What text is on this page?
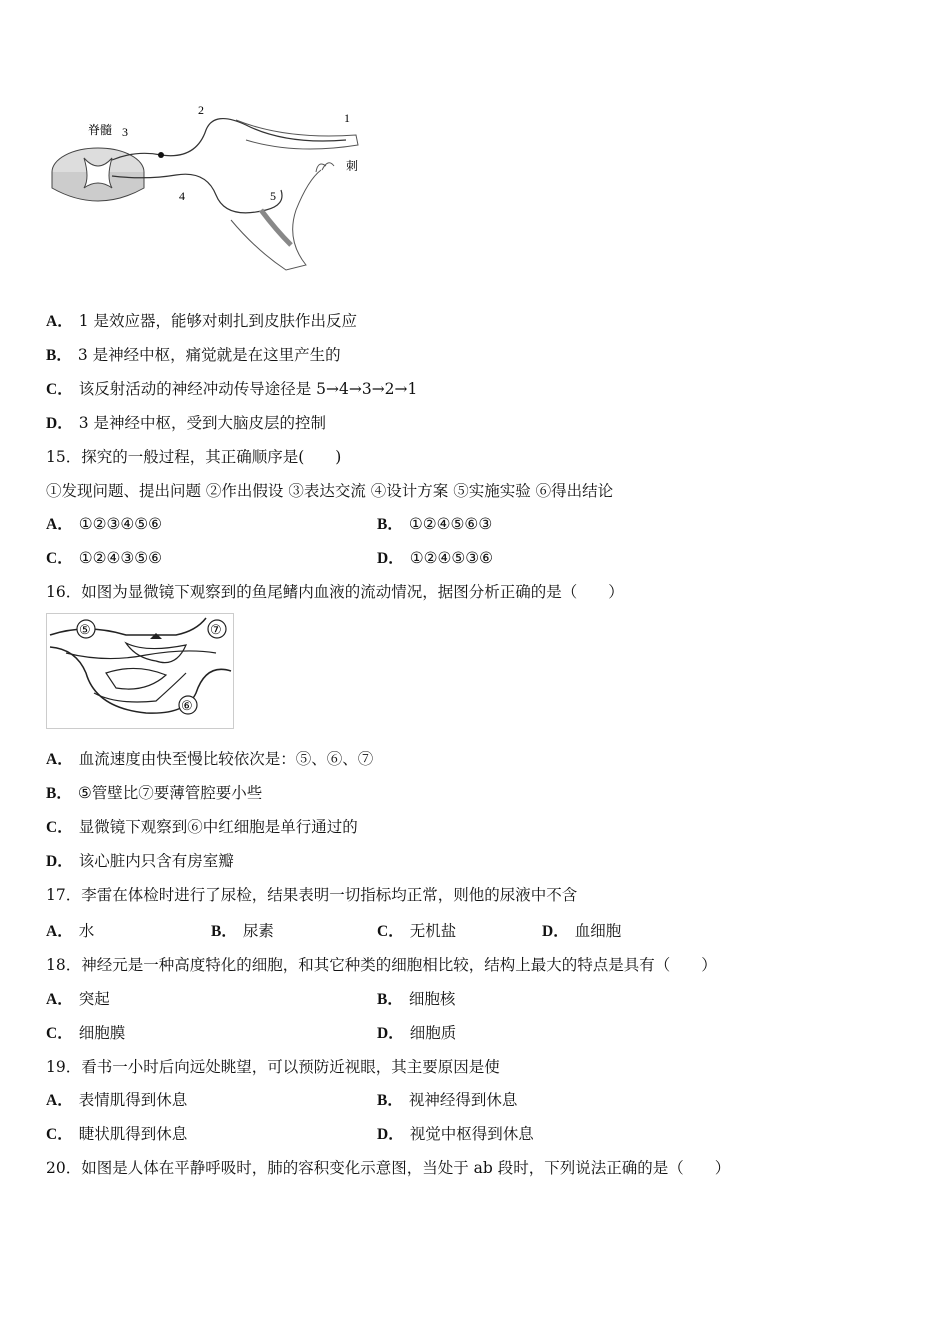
脊髓 3
2
4
1
刺
5
A． 1 是效应器，能够对刺扎到皮肤作出反应
B． 3 是神经中枢，痛觉就是在这里产生的
C． 该反射活动的神经冲动传导途径是 5→4→3→2→1
D． 3 是神经中枢，受到大脑皮层的控制
15．探究的一般过程，其正确顺序是(　　)
①发现问题、提出问题 ②作出假设 ③表达交流 ④设计方案 ⑤实施实验 ⑥得出结论
A． ①②③④⑤⑥	B． ①②④⑤⑥③
C． ①②④③⑤⑥	D． ①②④⑤③⑥
16．如图为显微镜下观察到的鱼尾鳍内血液的流动情况，据图分析正确的是（　　）
⑤	⑦
⑥
A． 血流速度由快至慢比较依次是：⑤、⑥、⑦
B． ⑤管壁比⑦要薄管腔要小些
C． 显微镜下观察到⑥中红细胞是单行通过的
D． 该心脏内只含有房室瓣
17．李雷在体检时进行了尿检，结果表明一切指标均正常，则他的尿液中不含
A． 水	B． 尿素	C． 无机盐	D． 血细胞
18．神经元是一种高度特化的细胞，和其它种类的细胞相比较，结构上最大的特点是具有（　　）
A． 突起	B． 细胞核
C． 细胞膜	D． 细胞质
19．看书一小时后向远处眺望，可以预防近视眼，其主要原因是使
A． 表情肌得到休息	B． 视神经得到休息
C． 睫状肌得到休息	D． 视觉中枢得到休息
20．如图是人体在平静呼吸时，肺的容积变化示意图，当处于 ab 段时，下列说法正确的是（　　）
